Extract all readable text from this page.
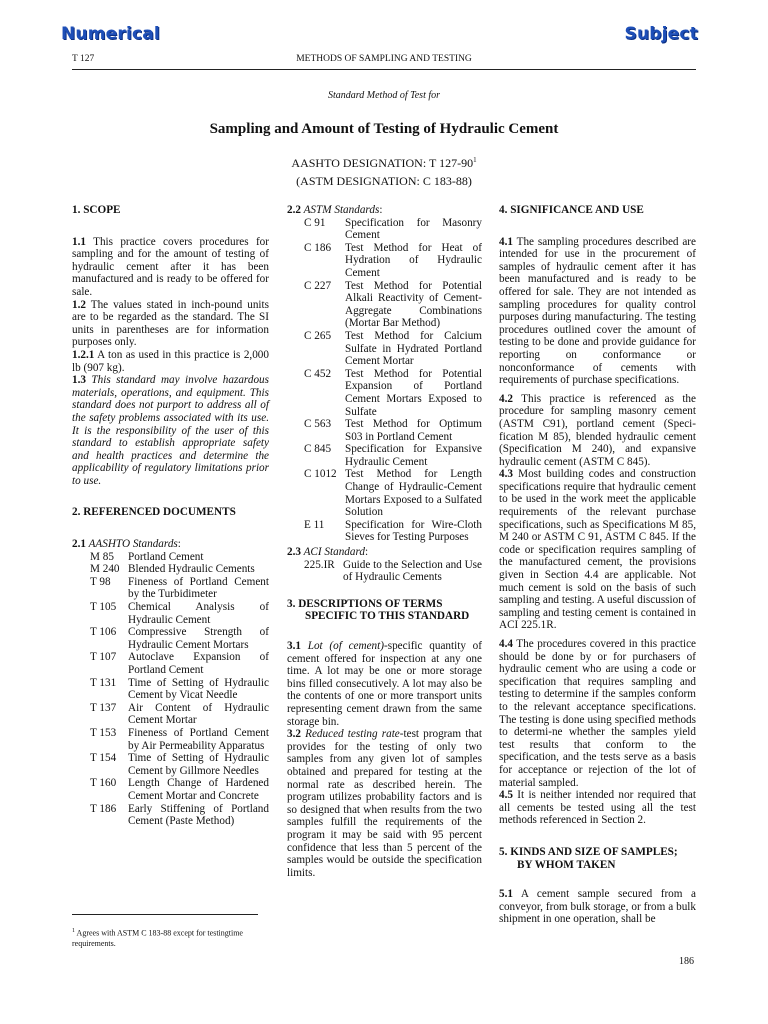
Numerical	Subject
T 127	METHODS OF SAMPLING AND TESTING
Standard Method of Test for
Sampling and Amount of Testing of Hydraulic Cement
AASHTO DESIGNATION: T $127-90^1$
(ASTM DESIGNATION: C 183-88)

1. SCOPE

1.1 This practice covers procedures for sampling and for the amount of testing of hydraulic cement after it has been manufactured and is ready to be offered for sale.

1.2 The values stated in inch-pound units are to be regarded as the standard. The SI units in parentheses are for information purposes only.

1.2.1 A ton as used in this practice is 2,000 lb (907 kg).

1.3 This standard may involve hazardous materials, operations, and equipment. This standard does not purport to address all of the safety problems associated with its use. It is the responsibility of the user of this standard to establish appropriate safety and health practices and determine the applicability of regulatory limitations prior to use.

2. REFERENCED DOCUMENTS

2.1 AASHTO Standards:

M 85	Portland Cement
M 240 Blended Hydraulic Cements
T 98	Fineness of Portland Cement by the Turbidimeter
T 105	Chemical Analysis of Hydraulic Cement
T 106	Compressive Strength of Hydraulic Cement Mortars
T 107	Autoclave Expansion of Portland Cement
T 131	Time of Setting of Hydraulic Cement by Vicat Needle
T 137	Air Content of Hydraulic Cement Mortar
T 153	Fineness of Portland Cement by Air Permeability Apparatus
T 154	Time of Setting of Hydraulic Cement by Gillmore Needles
T 160	Length Change of Hardened Cement Mortar and Concrete
T 186	Early Stiffening of Portland Cement (Paste Method)

2.2 ASTM Standards:

C 91	Specification for Masonry Cement
C 186	Test Method for Heat of Hydration of Hydraulic Cement
C 227	Test Method for Potential Alkali Reactivity of Cement-Aggregate Combinations (Mortar Bar Method)
C 265	Test Method for Calcium Sulfate in Hydrated Portland Cement Mortar
C 452	Test Method for Potential Expansion of Portland Cement Mortars Exposed to Sulfate
C 563	Test Method for Optimum S03 in Portland Cement
C 845	Specification for Expansive Hydraulic Cement
C 1012 Test Method for Length Change of Hydraulic-Cement Mortars Exposed to a Sulfated Solution
E 11	Specification for Wire-Cloth Sieves for Testing Purposes

2.3 ACI Standard:

225.IR Guide to the Selection and Use of Hydraulic Cements

3. DESCRIPTIONS OF TERMS
SPECIFIC TO THIS STANDARD

3.1 Lot (of cement)-specific quantity of cement offered for inspection at any one time. A lot may be one or more storage bins filled consecutively. A lot may also be the contents of one or more transport units representing cement drawn from the same storage bin.

3.2 Reduced testing rate-test program that provides for the testing of only two samples from any given lot of samples obtained and prepared for testing at the normal rate as described herein. The program utilizes probability factors and is so designed that when results from the two samples fulfill the requirements of the program it may be said with 95 percent confidence that less than 5 percent of the samples would be outside the specification limits.

4. SIGNIFICANCE AND USE

4.1 The sampling procedures described are intended for use in the procurement of samples of hydraulic cement after it has been manufactured and is ready to be offered for sale. They are not intended as sampling procedures for quality control purposes during manufacturing. The testing procedures outlined cover the amount of testing to be done and provide guidance for reporting on conformance or nonconformance of cements with requirements of purchase specifications.

4.2 This practice is referenced as the procedure for sampling masonry cement (ASTM C91), portland cement (Speci-fication M 85), blended hydraulic cement (Specification M 240), and expansive hydraulic cement (ASTM C 845).

4.3 Most building codes and construction specifications require that hydraulic cement to be used in the work meet the applicable requirements of the relevant purchase specifications, such as Specifications M 85, M 240 or ASTM C 91, ASTM C 845. If the code or specification requires sampling of the manufactured cement, the provisions given in Section 4.4 are applicable. Not much cement is sold on the basis of such sampling and testing. A useful discussion of sampling and testing cement is contained in ACI 225.1R.

4.4 The procedures covered in this practice should be done by or for purchasers of hydraulic cement who are using a code or specification that requires sampling and testing to determine if the samples conform to the relevant acceptance specifications. The testing is done using specified methods to determi-ne whether the samples yield test results that conform to the specification, and the tests serve as a basis for acceptance or rejection of the lot of material sampled.

4.5 It is neither intended nor required that all cements be tested using all the test methods referenced in Section 2.

5. KINDS AND SIZE OF SAMPLES;
BY WHOM TAKEN

5.1 A cement sample secured from a conveyor, from bulk storage, or from a bulk shipment in one operation, shall be

$^1$ Agrees with ASTM C 183-88 except for testingtime requirements.
186
